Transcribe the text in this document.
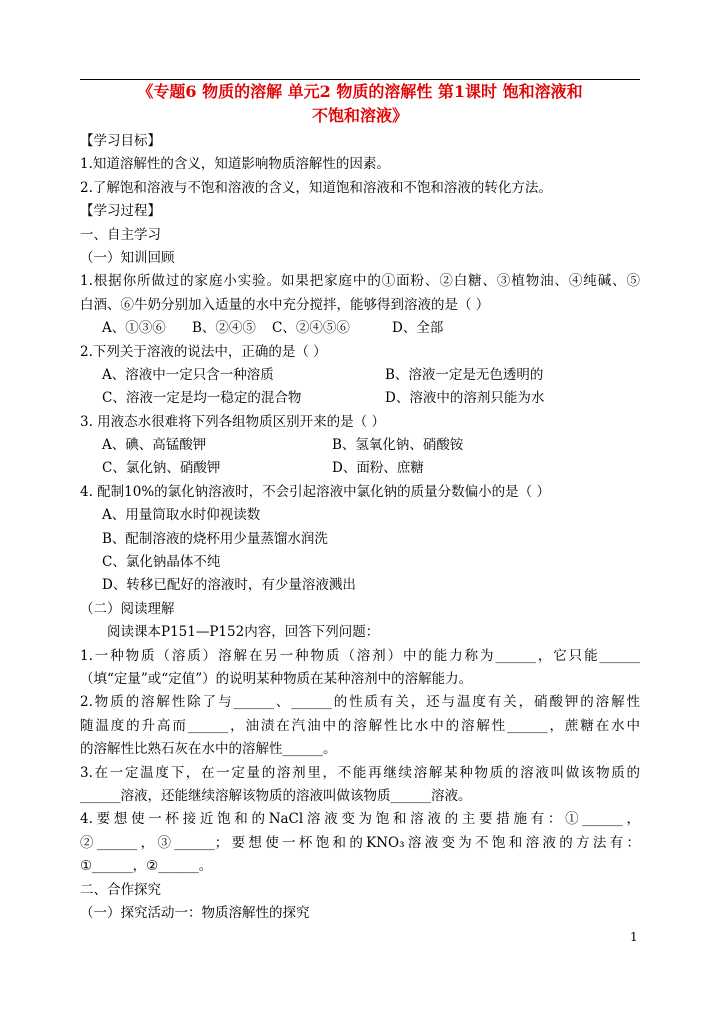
《专题6 物质的溶解 单元2 物质的溶解性 第1课时 饱和溶液和
不饱和溶液》
【学习目标】
1.知道溶解性的含义，知道影响物质溶解性的因素。
2.了解饱和溶液与不饱和溶液的含义，知道饱和溶液和不饱和溶液的转化方法。
【学习过程】
一、自主学习
（一）知训回顾
1.根据你所做过的家庭小实验。如果把家庭中的①面粉、②白糖、③植物油、④纯碱、⑤
白酒、⑥牛奶分别加入适量的水中充分搅拌，能够得到溶液的是（ ）
A、①③⑥ B、②④⑤ C、②④⑤⑥	D、全部
2.下列关于溶液的说法中，正确的是（ ）
A、溶液中一定只含一种溶质	B、溶液一定是无色透明的
C、溶液一定是均一稳定的混合物	D、溶液中的溶剂只能为水
3. 用液态水很难将下列各组物质区别开来的是（ ）
A、碘、高锰酸钾	B、氢氧化钠、硝酸铵
C、氯化钠、硝酸钾	D、面粉、庶糖
4. 配制10%的氯化钠溶液时，不会引起溶液中氯化钠的质量分数偏小的是（ ）
A、用量筒取水时仰视读数
B、配制溶液的烧杯用少量蒸馏水润洗
C、氯化钠晶体不纯
D、转移已配好的溶液时，有少量溶液溅出
（二）阅读理解
阅读课本P151—P152内容，回答下列问题：
1.一种物质（溶质）溶解在另一种物质（溶剂）中的能力称为______，它只能______
（填“定量”或“定值”）的说明某种物质在某种溶剂中的溶解能力。
2.物质的溶解性除了与______、______的性质有关，还与温度有关，硝酸钾的溶解性
随温度的升高而______，油渍在汽油中的溶解性比水中的溶解性______，蔗糖在水中
的溶解性比熟石灰在水中的溶解性______。
3.在一定温度下，在一定量的溶剂里，不能再继续溶解某种物质的溶液叫做该物质的
______溶液，还能继续溶解该物质的溶液叫做该物质______溶液。
4.要想使一杯接近饱和的NaCl溶液变为饱和溶液的主要措施有：①______，
②______，③______；要想使一杯饱和的KNO₃溶液变为不饱和溶液的方法有：
①______，②______。
二、合作探究
（一）探究活动一：物质溶解性的探究
1
